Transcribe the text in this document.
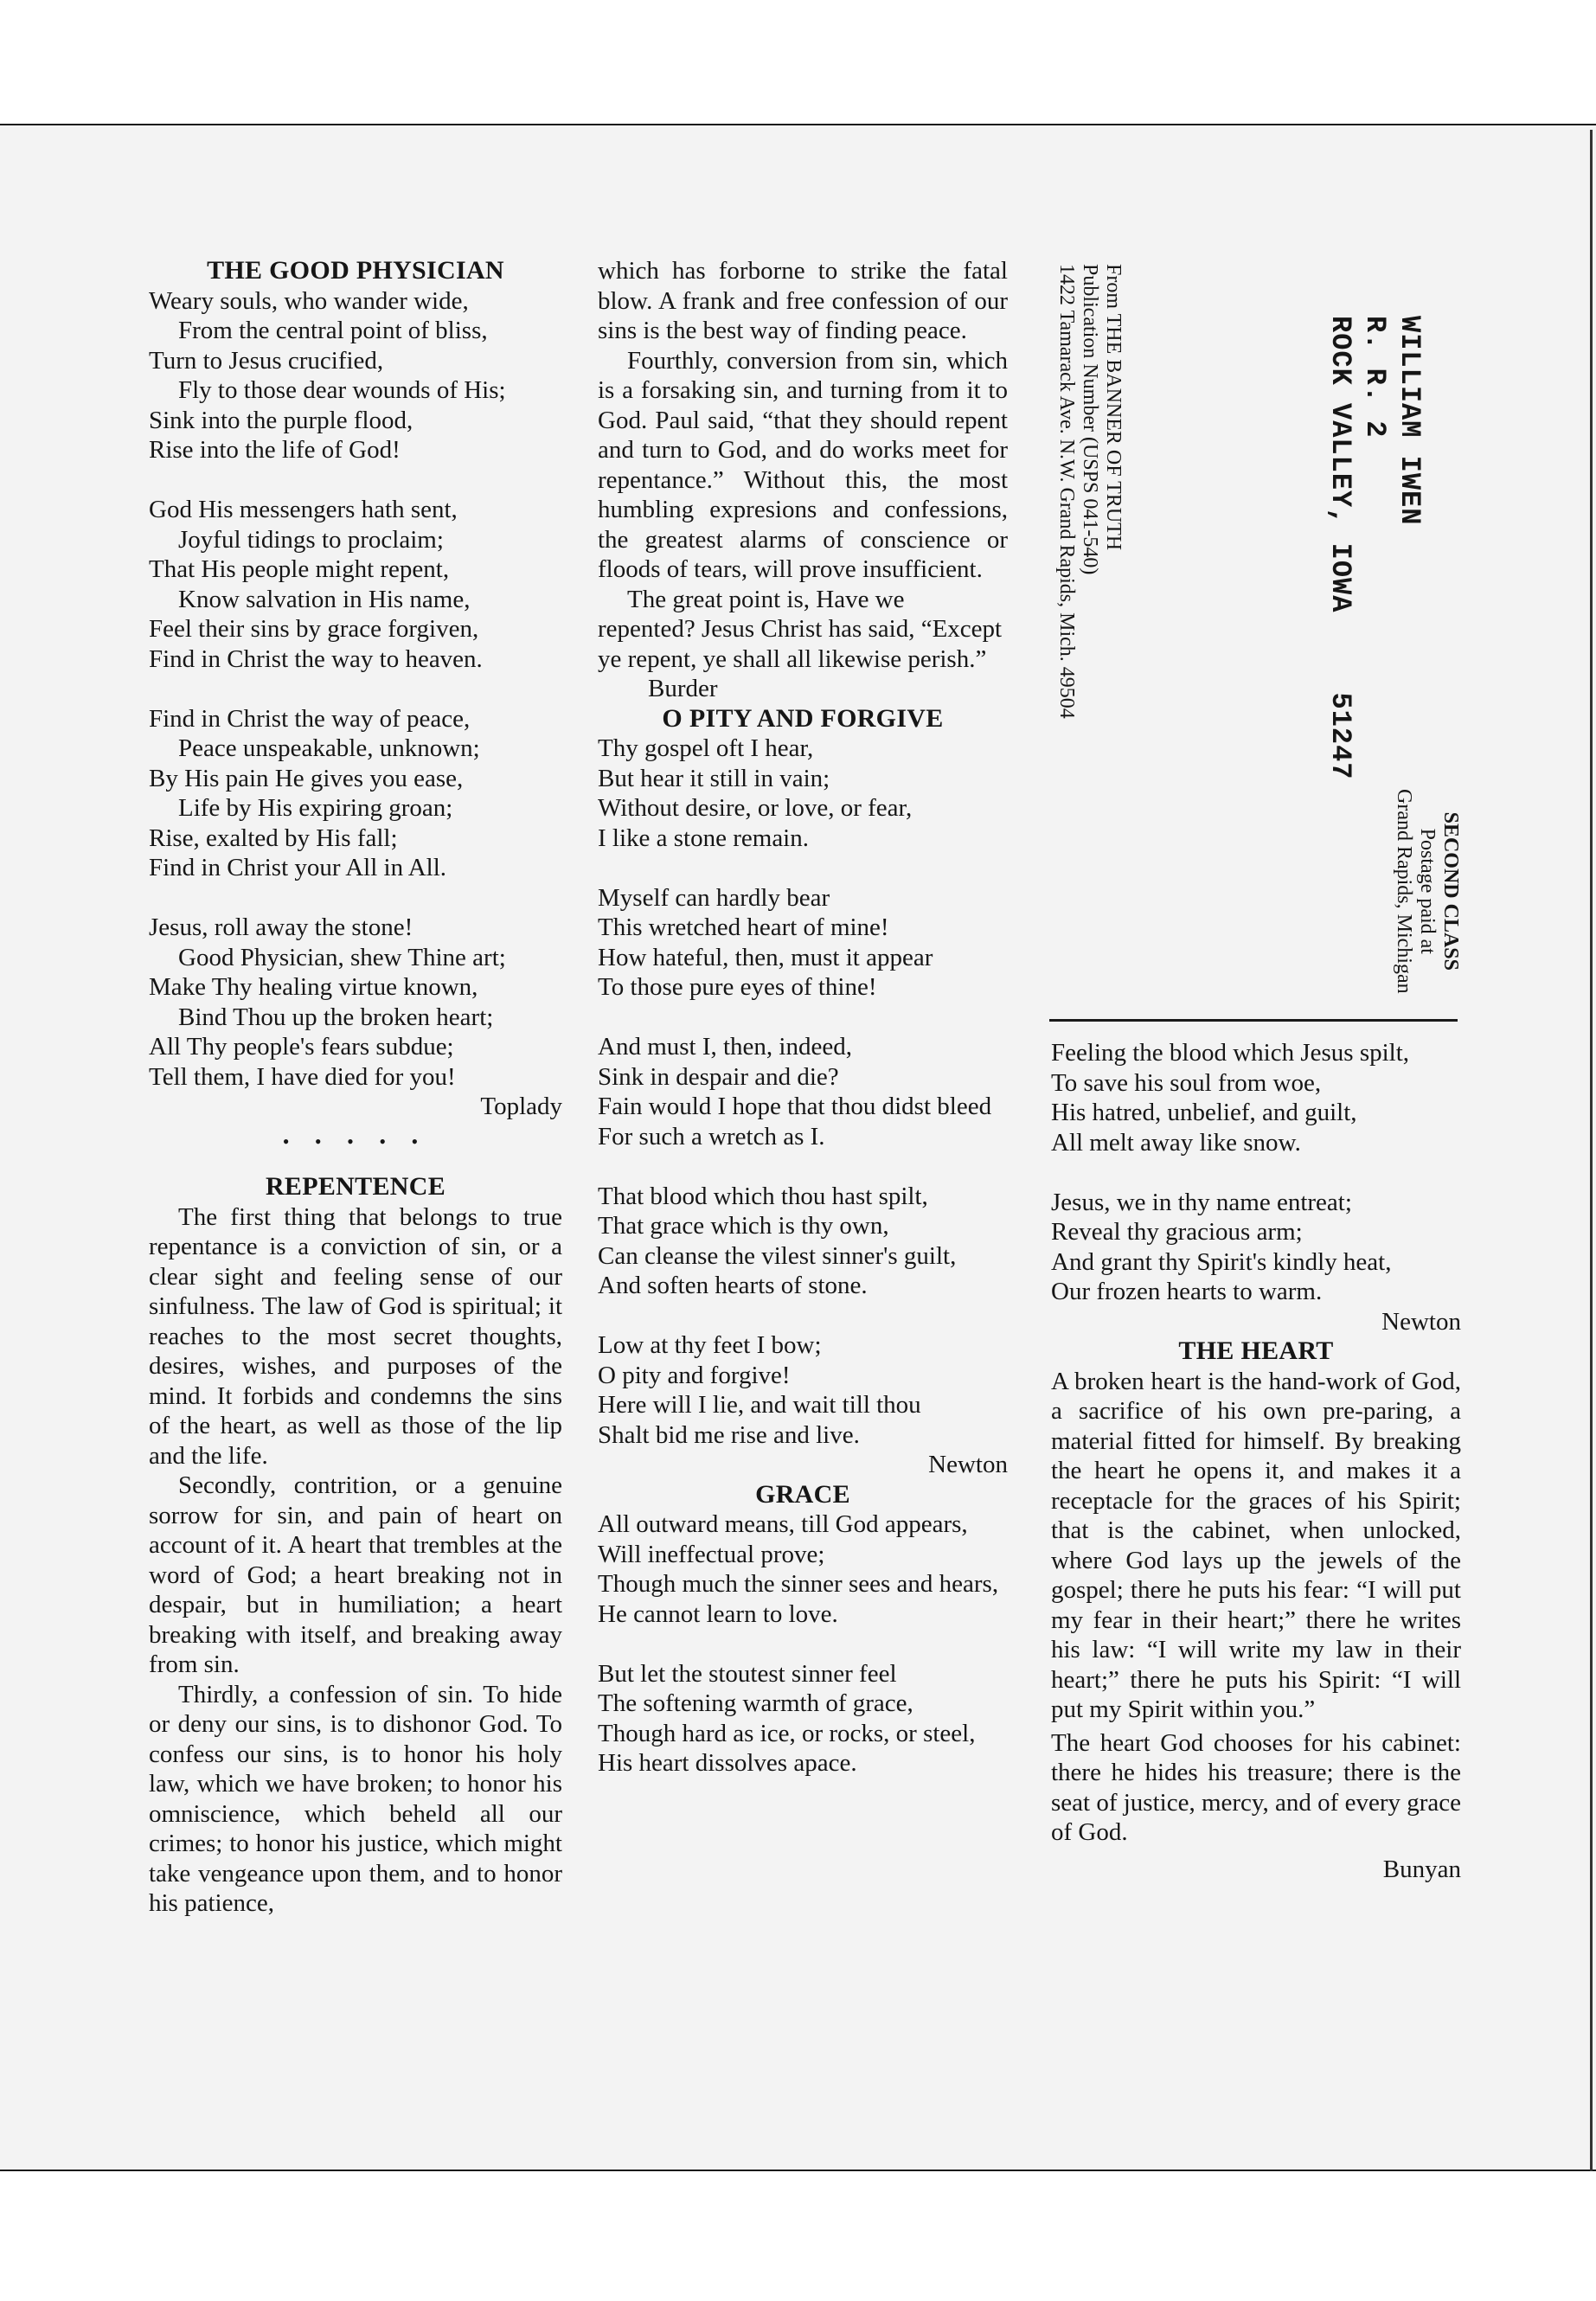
THE GOOD PHYSICIAN
Weary souls, who wander wide,
From the central point of bliss,
Turn to Jesus crucified,
Fly to those dear wounds of His;
Sink into the purple flood,
Rise into the life of God!
God His messengers hath sent,
Joyful tidings to proclaim;
That His people might repent,
Know salvation in His name,
Feel their sins by grace forgiven,
Find in Christ the way to heaven.
Find in Christ the way of peace,
Peace unspeakable, unknown;
By His pain He gives you ease,
Life by His expiring groan;
Rise, exalted by His fall;
Find in Christ your All in All.
Jesus, roll away the stone!
Good Physician, shew Thine art;
Make Thy healing virtue known,
Bind Thou up the broken heart;
All Thy people's fears subdue;
Tell them, I have died for you!
Toplady
• • • • •
REPENTENCE
The first thing that belongs to true repentance is a conviction of sin, or a clear sight and feeling sense of our sinfulness. The law of God is spiritual; it reaches to the most secret thoughts, desires, wishes, and purposes of the mind. It forbids and condemns the sins of the heart, as well as those of the lip and the life.
Secondly, contrition, or a genuine sorrow for sin, and pain of heart on account of it. A heart that trembles at the word of God; a heart breaking not in despair, but in humiliation; a heart breaking with itself, and breaking away from sin.
Thirdly, a confession of sin. To hide or deny our sins, is to dishonor God. To confess our sins, is to honor his holy law, which we have broken; to honor his omniscience, which beheld all our crimes; to honor his justice, which might take vengeance upon them, and to honor his patience,
which has forborne to strike the fatal blow. A frank and free confession of our sins is the best way of finding peace.
Fourthly, conversion from sin, which is a forsaking sin, and turning from it to God. Paul said, “that they should repent and turn to God, and do works meet for repentance.” Without this, the most humbling expresions and confessions, the greatest alarms of conscience or floods of tears, will prove insufficient.
The great point is, Have we repented? Jesus Christ has said, “Except ye repent, ye shall all likewise perish.”Burder
O PITY AND FORGIVE
Thy gospel oft I hear,
But hear it still in vain;
Without desire, or love, or fear,
I like a stone remain.
Myself can hardly bear
This wretched heart of mine!
How hateful, then, must it appear
To those pure eyes of thine!
And must I, then, indeed,
Sink in despair and die?
Fain would I hope that thou didst bleed
For such a wretch as I.
That blood which thou hast spilt,
That grace which is thy own,
Can cleanse the vilest sinner's guilt,
And soften hearts of stone.
Low at thy feet I bow;
O pity and forgive!
Here will I lie, and wait till thou
Shalt bid me rise and live.
Newton
GRACE
All outward means, till God appears,
Will ineffectual prove;
Though much the sinner sees and hears,
He cannot learn to love.
But let the stoutest sinner feel
The softening warmth of grace,
Though hard as ice, or rocks, or steel,
His heart dissolves apace.
WILLIAM IWEN
R. R. 2
ROCK VALLEY, IOWA51247
From THE BANNER OF TRUTH
Publication Number (USPS 041-540)
1422 Tamarack Ave. N.W. Grand Rapids, Mich. 49504
SECOND CLASS
Postage paid at
Grand Rapids, Michigan
Feeling the blood which Jesus spilt,
To save his soul from woe,
His hatred, unbelief, and guilt,
All melt away like snow.
Jesus, we in thy name entreat;
Reveal thy gracious arm;
And grant thy Spirit's kindly heat,
Our frozen hearts to warm.
Newton
THE HEART
A broken heart is the hand-work of God, a sacrifice of his own pre-paring, a material fitted for himself. By breaking the heart he opens it, and makes it a receptacle for the graces of his Spirit; that is the cabinet, when unlocked, where God lays up the jewels of the gospel; there he puts his fear: “I will put my fear in their heart;” there he writes his law: “I will write my law in their heart;” there he puts his Spirit: “I will put my Spirit within you.”
The heart God chooses for his cabinet: there he hides his treasure; there is the seat of justice, mercy, and of every grace of God.
Bunyan
